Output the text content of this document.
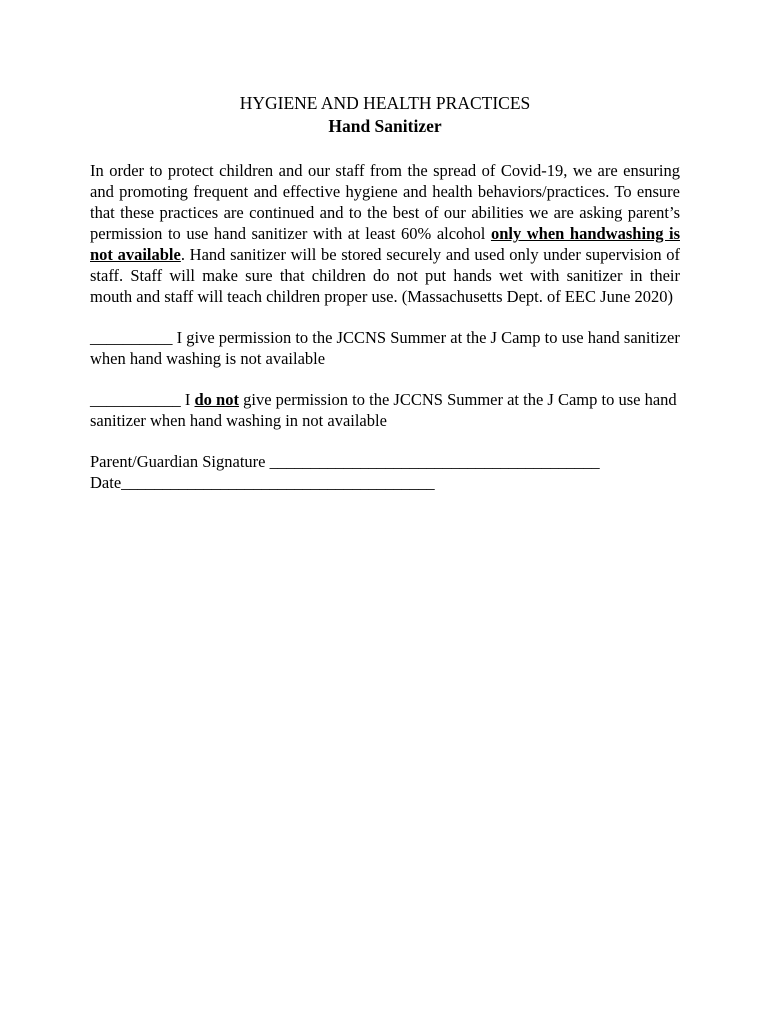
HYGIENE AND HEALTH PRACTICES

Hand Sanitizer

In order to protect children and our staff from the spread of Covid-19, we are ensuring and promoting frequent and effective hygiene and health behaviors/practices. To ensure that these practices are continued and to the best of our abilities we are asking parent’s permission to use hand sanitizer with at least 60% alcohol only when handwashing is not available. Hand sanitizer will be stored securely and used only under supervision of staff. Staff will make sure that children do not put hands wet with sanitizer in their mouth and staff will teach children proper use. (Massachusetts Dept. of EEC June 2020)

__________ I give permission to the JCCNS Summer at the J Camp to use hand sanitizer when hand washing is not available

___________ I do not give permission to the JCCNS Summer at the J Camp to use hand sanitizer when hand washing in not available

Parent/Guardian Signature ________________________________________

Date______________________________________
